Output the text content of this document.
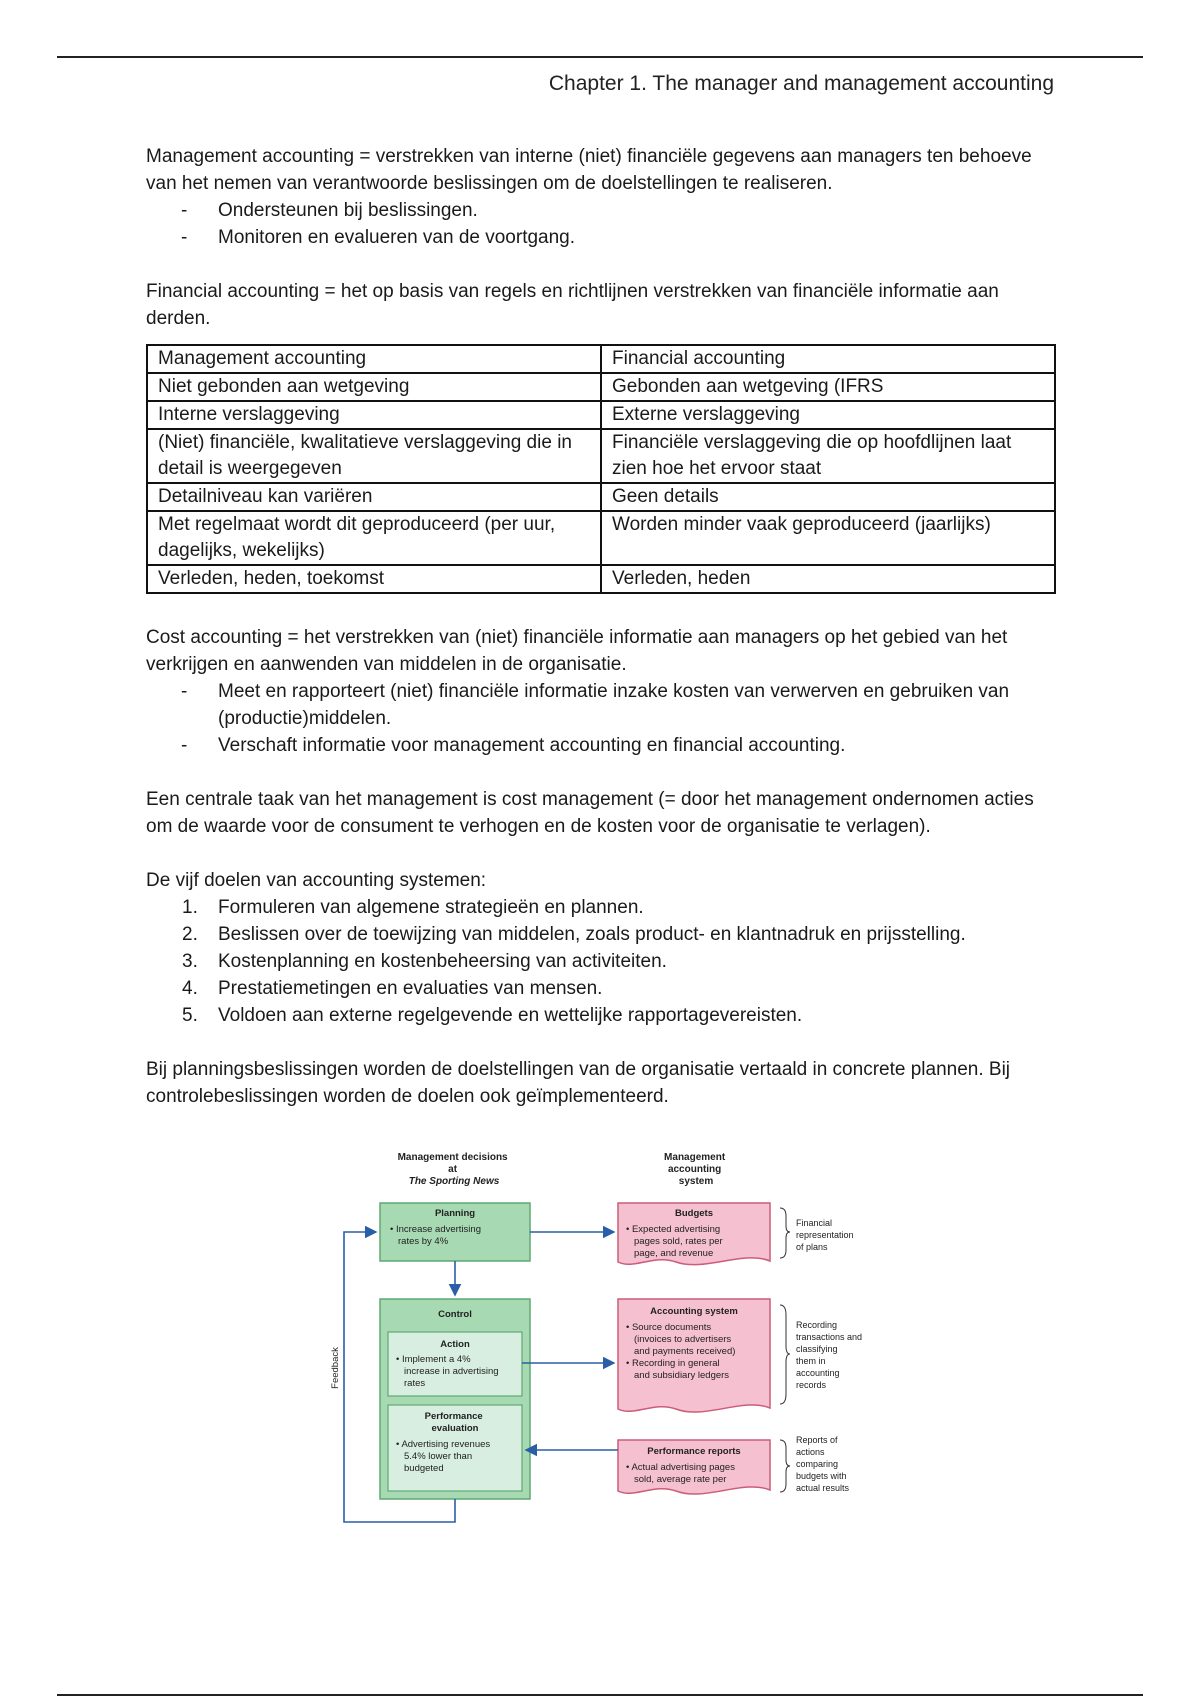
Chapter 1. The manager and management accounting

Management accounting = verstrekken van interne (niet) financiële gegevens aan managers ten behoeve van het nemen van verantwoorde beslissingen om de doelstellingen te realiseren.

- Ondersteunen bij beslissingen.
- Monitoren en evalueren van de voortgang.

Financial accounting = het op basis van regels en richtlijnen verstrekken van financiële informatie aan derden.

Management accounting	Financial accounting
Niet gebonden aan wetgeving	Gebonden aan wetgeving (IFRS
Interne verslaggeving	Externe verslaggeving
(Niet) financiële, kwalitatieve verslaggeving die in detail is weergegeven	Financiële verslaggeving die op hoofdlijnen laat zien hoe het ervoor staat
Detailniveau kan variëren	Geen details
Met regelmaat wordt dit geproduceerd (per uur, dagelijks, wekelijks)	Worden minder vaak geproduceerd (jaarlijks)
Verleden, heden, toekomst	Verleden, heden

Cost accounting = het verstrekken van (niet) financiële informatie aan managers op het gebied van het verkrijgen en aanwenden van middelen in de organisatie.

- Meet en rapporteert (niet) financiële informatie inzake kosten van verwerven en gebruiken van (productie)middelen.
- Verschaft informatie voor management accounting en financial accounting.

Een centrale taak van het management is cost management (= door het management ondernomen acties om de waarde voor de consument te verhogen en de kosten voor de organisatie te verlagen).

De vijf doelen van accounting systemen:

1. Formuleren van algemene strategieën en plannen.
2. Beslissen over de toewijzing van middelen, zoals product- en klantnadruk en prijsstelling.
3. Kostenplanning en kostenbeheersing van activiteiten.
4. Prestatiemetingen en evaluaties van mensen.
5. Voldoen aan externe regelgevende en wettelijke rapportagevereisten.

Bij planningsbeslissingen worden de doelstellingen van de organisatie vertaald in concrete plannen. Bij controlebeslissingen worden de doelen ook geïmplementeerd.

Management decisions at The Sporting News
Management accounting system
Planning
• Increase advertising rates by 4%
Control
Action
• Implement a 4% increase in advertising rates
Performance evaluation
• Advertising revenues 5.4% lower than budgeted
Feedback
Budgets
• Expected advertising pages sold, rates per page, and revenue
Accounting system
• Source documents (invoices to advertisers and payments received) • Recording in general and subsidiary ledgers
Performance reports
• Actual advertising pages sold, average rate per
Financial representation of plans
Recording transactions and classifying them in accounting records
Reports of actions comparing budgets with actual results
